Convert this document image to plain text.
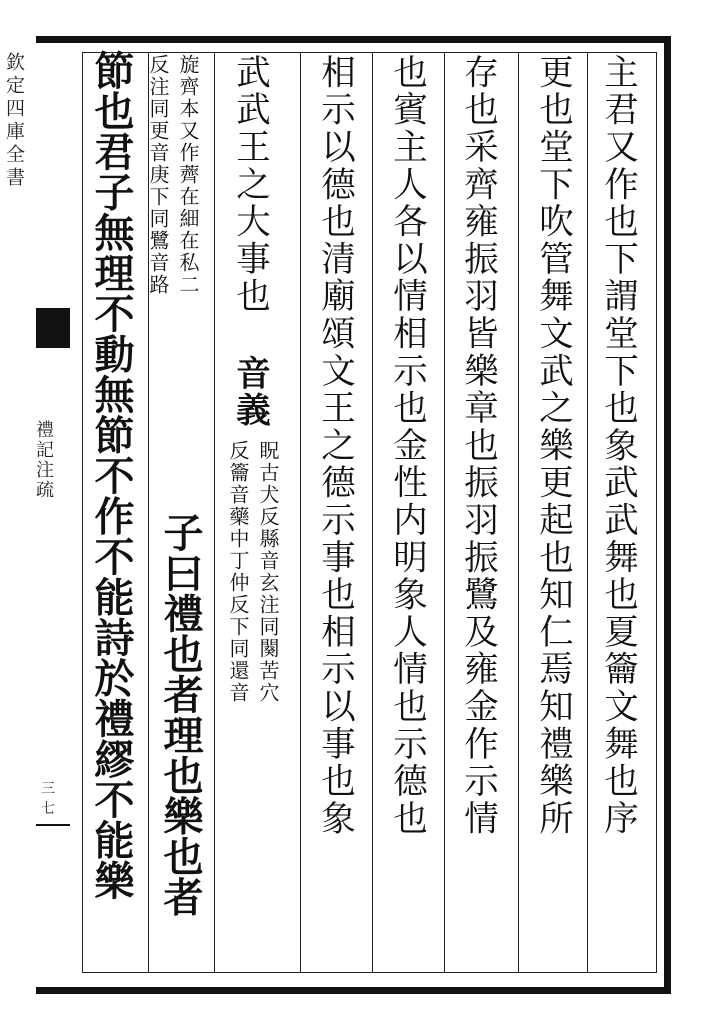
欽定四庫全書
禮記注疏
三七	主君又作也下謂堂下也象武武舞也夏籥文舞也序
更也堂下吹管舞文武之樂更起也知仁焉知禮樂所
存也采齊雍振羽皆樂章也振羽振鷺及雍金作示情
也賓主人各以情相示也金性内明象人情也示德也
相示以德也清廟頌文王之德示事也相示以事也象
武武王之大事也
音義
眖古犬反縣音玄注同闋苦穴
反籥音藥中丁仲反下同還音
旋齊本又作薺在細在私二
反注同更音庚下同鷺音路
子曰禮也者理也樂也者
節也君子無理不動無節不作不能詩於禮繆不能樂
